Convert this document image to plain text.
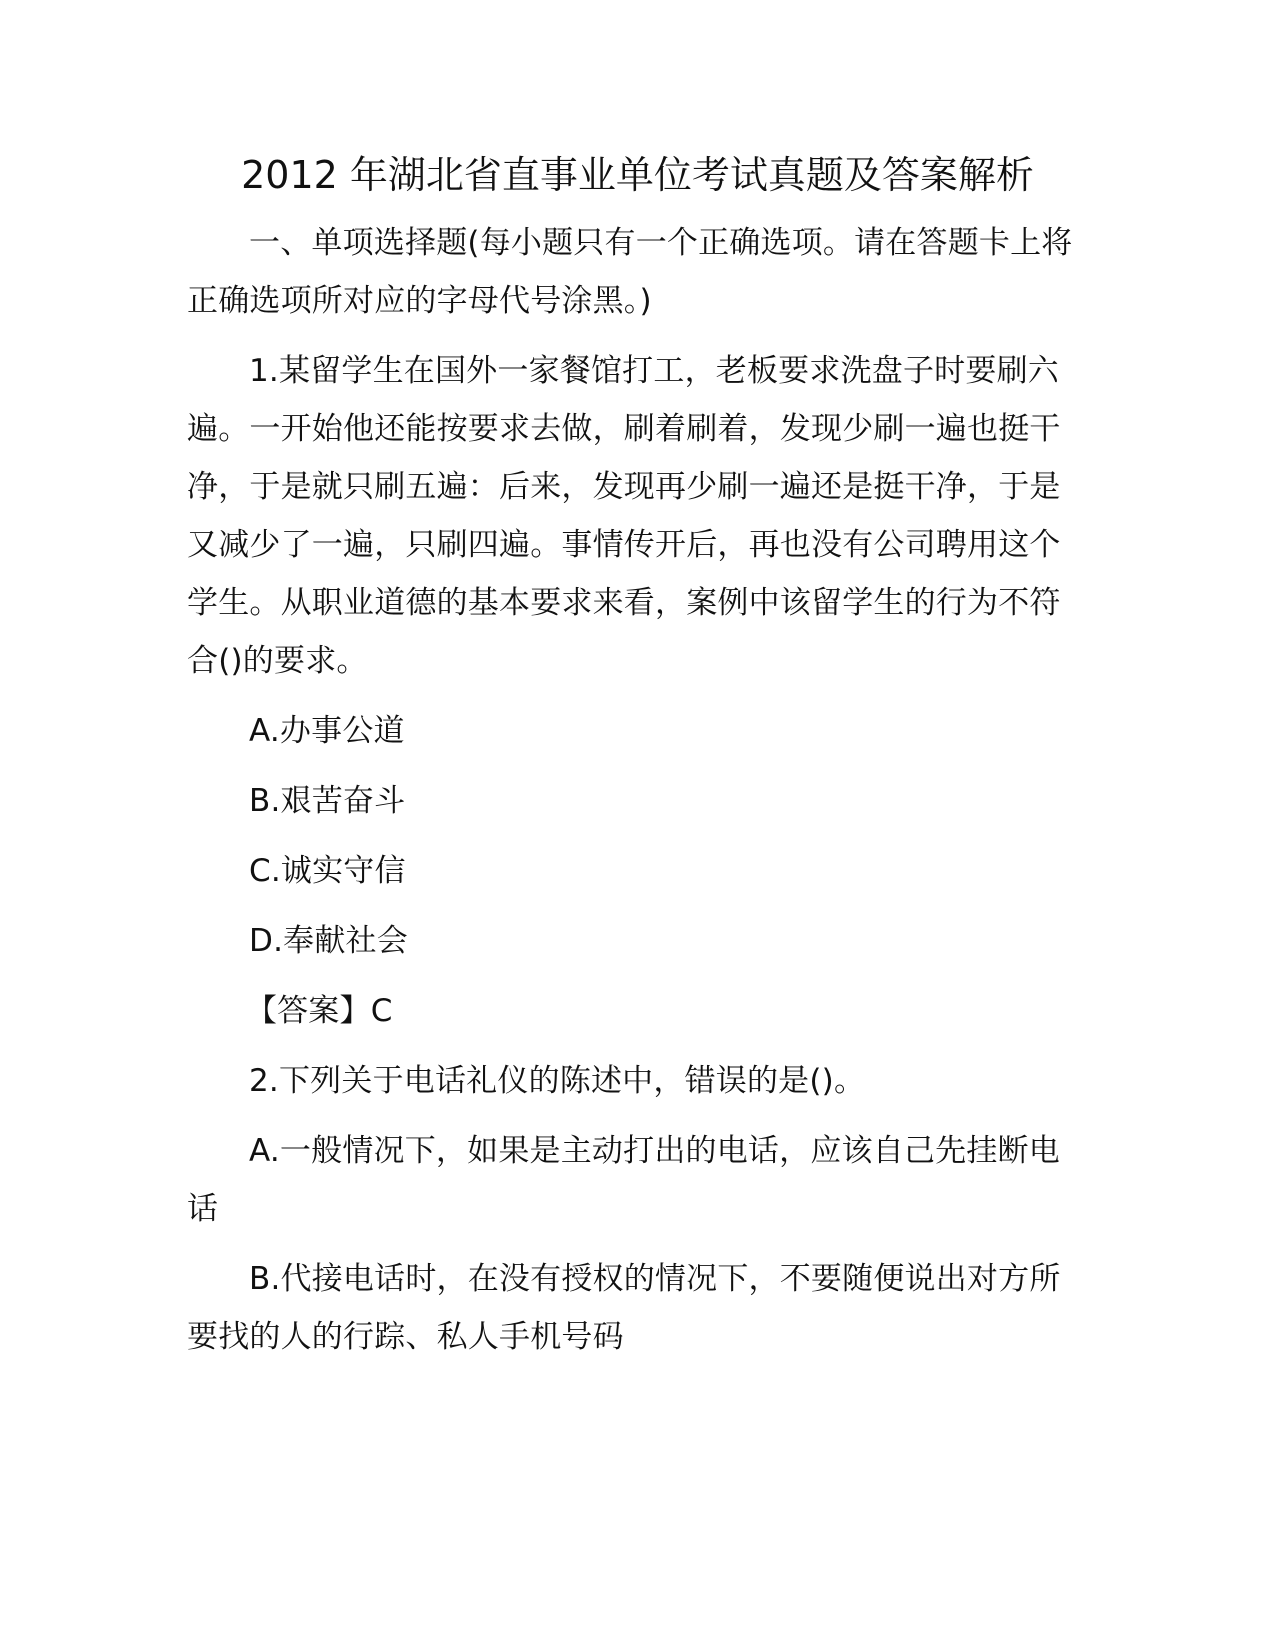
2012 年湖北省直事业单位考试真题及答案解析

一、单项选择题(每小题只有一个正确选项。请在答题卡上将正确选项所对应的字母代号涂黑。)

1.某留学生在国外一家餐馆打工，老板要求洗盘子时要刷六遍。一开始他还能按要求去做，刷着刷着，发现少刷一遍也挺干净，于是就只刷五遍：后来，发现再少刷一遍还是挺干净，于是又减少了一遍，只刷四遍。事情传开后，再也没有公司聘用这个学生。从职业道德的基本要求来看，案例中该留学生的行为不符合()的要求。

A.办事公道

B.艰苦奋斗

C.诚实守信

D.奉献社会

【答案】C

2.下列关于电话礼仪的陈述中，错误的是()。

A.一般情况下，如果是主动打出的电话，应该自己先挂断电话

B.代接电话时，在没有授权的情况下，不要随便说出对方所要找的人的行踪、私人手机号码
